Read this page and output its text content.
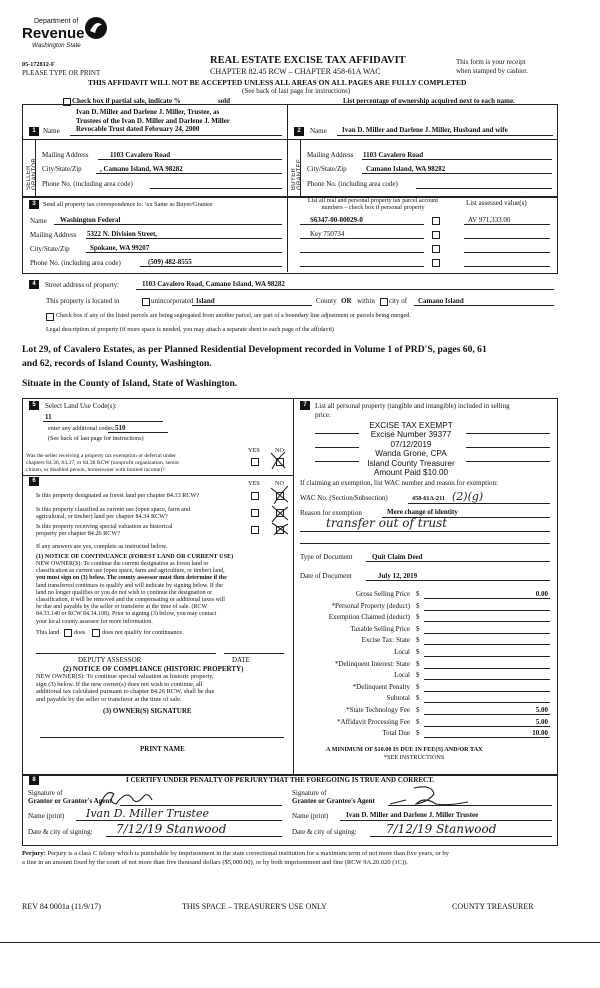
Department of
Revenue
Washington State
05-172812-F
PLEASE TYPE OR PRINT
REAL ESTATE EXCISE TAX AFFIDAVIT
CHAPTER 82.45 RCW – CHAPTER 458-61A WAC
This form is your receipt
when stamped by cashier.
THIS AFFIDAVIT WILL NOT BE ACCEPTED UNLESS ALL AREAS ON ALL PAGES ARE FULLY COMPLETED
(See back of last page for instructions)
Check box if partial sale, indicate %	sold	List percentage of ownership acquired next to each name.
Ivan D. Miller and Darlene J. Miller, Trustee, as
Trustees of the Ivan D. Miller and Darlene J. Miller
Revocable Trust dated February 24, 2000
1	Name	2	Name Ivan D. Miller and Darlene J. Miller, Husband and wife
SELLER GRANTOR
Mailing Address	1103 Cavalero Road
City/State/Zip	, Camano Island, WA 98282
Phone No. (including area code)	BUYER GRANTEE
Mailing Address 1103 Cavalero Road
City/State/Zip	Camano Island, WA 98282
Phone No. (including area code)
3	Send all property tax correspondence to: \xx Same as Buyer/Grantee
Name Washington Federal
Mailing Address 5322 N. Division Street,
City/State/Zip	Spokane, WA 99207
Phone No. (including area code)	(509) 482-8555
List all real and personal property tax parcel account
numbers – check box if personal property
List assessed value(s)
S6347-00-00029-0	AV 971,333.00
Key 750734
4	Street address of property:	1103 Cavalero Road, Camano Island, WA 98282
This property is located in	unincorporated Island	County OR within city of Camano Island
Check box if any of the listed parcels are being segregated from another parcel, are part of a boundary line adjustment or parcels being merged.
Legal description of property (if more space is needed, you may attach a separate sheet to each page of the affidavit)
Lot 29, of Cavalero Estates, as per Planned Residential Development recorded in Volume 1 of PRD'S, pages 60, 61
and 62, records of Island County, Washington.
Situate in the County of Island, State of Washington.
5	Select Land Use Code(s):
11
enter any additional codes: 510
(See back of last page for instructions)
YES NO
Was the seller receiving a property tax exemption or deferral under
chapters 84.36, 84.37, or 84.38 RCW (nonprofit organization, senior
citizen, or disabled person, homeowner with limited income)?
6	YES NO
Is this property designated as forest land per chapter 84.33 RCW?
Is this property classified as current use (open space, farm and
agricultural, or timber) land per chapter 84.34 RCW?
Is this property receiving special valuation as historical
property per chapter 84.26 RCW?
If any answers are yes, complete as instructed below.
(1) NOTICE OF CONTINUANCE (FOREST LAND OR CURRENT USE)
NEW OWNER(S): To continue the current designation as forest land or
classification as current use (open space, farm and agriculture, or timber) land,
you must sign on (3) below. The county assessor must then determine if the
land transferred continues to qualify and will indicate by signing below. If the
land no longer qualifies or you do not wish to continue the designation or
classification, it will be removed and the compensating or additional taxes will
be due and payable by the seller or transferor at the time of sale. (RCW
84.33.140 or RCW 84.34.108). Prior to signing (3) below, you may contact
your local county assessor for more information.
This land does	does not qualify for continuance.
DEPUTY ASSESSOR	DATE
(2) NOTICE OF COMPLIANCE (HISTORIC PROPERTY)
NEW OWNER(S): To continue special valuation as historic property,
sign (3) below. If the new owner(s) does not wish to continue, all
additional tax calculated pursuant to chapter 84.26 RCW, shall be due
and payable by the seller or transferor at the time of sale.
(3) OWNER(S) SIGNATURE
PRINT NAME
7	List all personal property (tangible and intangible) included in selling
price.
EXCISE TAX EXEMPT
Excise Number 39377
07/12/2019
Wanda Grone, CPA
Island County Treasurer
Amount Paid $10.00
If claiming an exemption, list WAC number and reason for exemption:
WAC No. (Section/Subsection)	458-61A-211 (2)(g)
Reason for exemption	Mere change of identity
transfer out of trust
Type of Document	Quit Claim Deed
Date of Document	July 12, 2019
Gross Selling Price $	0.00
*Personal Property (deduct) $
Exemption Claimed (deduct) $
Taxable Selling Price $
Excise Tax: State $
Local $
*Delinquent Interest: State $
Local $
*Delinquent Penalty $
Subtotal $
*State Technology Fee $	5.00
*Affidavit Processing Fee $	5.00
Total Due $	10.00
A MINIMUM OF $10.00 IS DUE IN FEE(S) AND/OR TAX
*SEE INSTRUCTIONS
8	I CERTIFY UNDER PENALTY OF PERJURY THAT THE FOREGOING IS TRUE AND CORRECT.
Signature of
Grantor or Grantor's Agent
Name (print) Ivan D. Miller Trustee
Date & city of signing: 7/12/19 Stanwood
Signature of
Grantee or Grantee's Agent
Name (print)	Ivan D. Miller and Darlene J. Miller Trustee
Date & city of signing: 7/12/19 Stanwood
Perjury: Perjury is a class C felony which is punishable by imprisonment in the state correctional institution for a maximum term of not more than five years, or by
a fine in an amount fixed by the court of not more than five thousand dollars ($5,000.00), or by both imprisonment and fine (RCW 9A.20.020 (1C)).
REV 84 0001a (11/9/17)	THIS SPACE – TREASURER'S USE ONLY	COUNTY TREASURER
